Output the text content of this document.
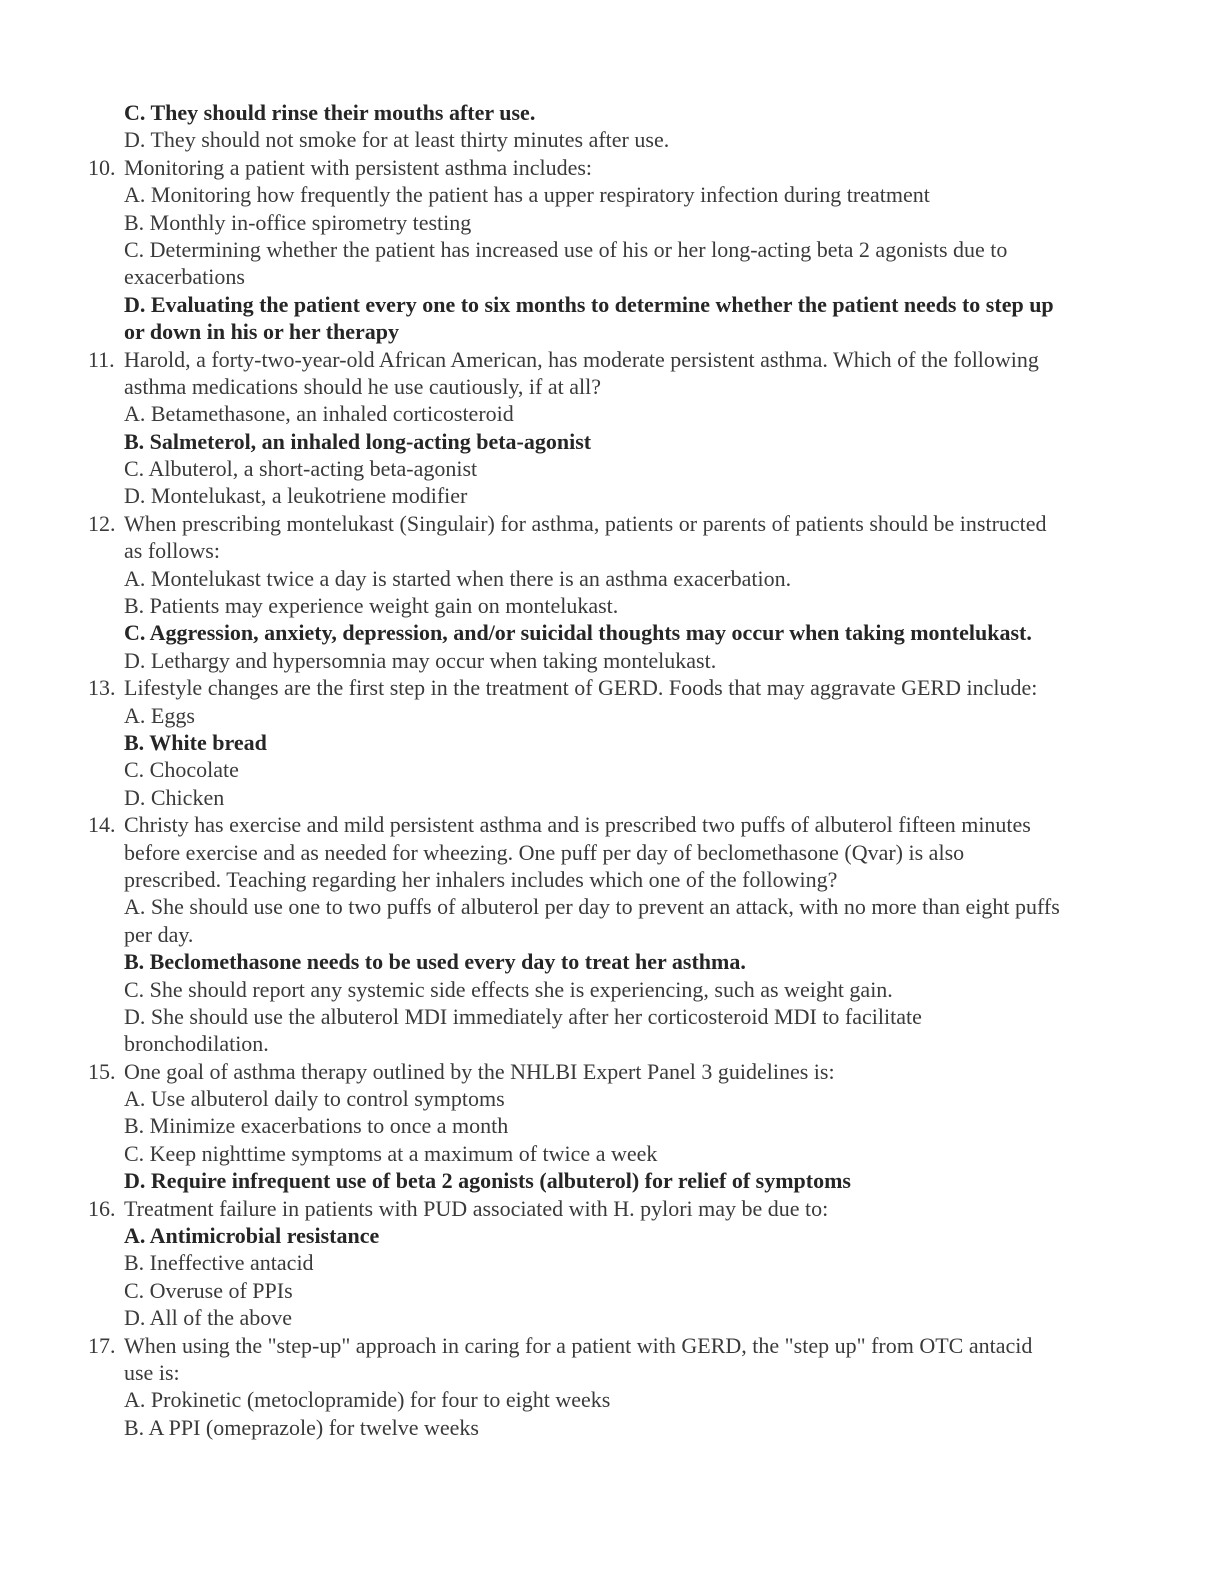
C. They should rinse their mouths after use.
D. They should not smoke for at least thirty minutes after use.
10. Monitoring a patient with persistent asthma includes:
A. Monitoring how frequently the patient has a upper respiratory infection during treatment
B. Monthly in-office spirometry testing
C. Determining whether the patient has increased use of his or her long-acting beta 2 agonists due to
exacerbations
D. Evaluating the patient every one to six months to determine whether the patient needs to step up
or down in his or her therapy
11. Harold, a forty-two-year-old African American, has moderate persistent asthma. Which of the following
asthma medications should he use cautiously, if at all?
A. Betamethasone, an inhaled corticosteroid
B. Salmeterol, an inhaled long-acting beta-agonist
C. Albuterol, a short-acting beta-agonist
D. Montelukast, a leukotriene modifier
12. When prescribing montelukast (Singulair) for asthma, patients or parents of patients should be instructed
as follows:
A. Montelukast twice a day is started when there is an asthma exacerbation.
B. Patients may experience weight gain on montelukast.
C. Aggression, anxiety, depression, and/or suicidal thoughts may occur when taking montelukast.
D. Lethargy and hypersomnia may occur when taking montelukast.
13. Lifestyle changes are the first step in the treatment of GERD. Foods that may aggravate GERD include:
A. Eggs
B. White bread
C. Chocolate
D. Chicken
14. Christy has exercise and mild persistent asthma and is prescribed two puffs of albuterol fifteen minutes
before exercise and as needed for wheezing. One puff per day of beclomethasone (Qvar) is also
prescribed. Teaching regarding her inhalers includes which one of the following?
A. She should use one to two puffs of albuterol per day to prevent an attack, with no more than eight puffs
per day.
B. Beclomethasone needs to be used every day to treat her asthma.
C. She should report any systemic side effects she is experiencing, such as weight gain.
D. She should use the albuterol MDI immediately after her corticosteroid MDI to facilitate
bronchodilation.
15. One goal of asthma therapy outlined by the NHLBI Expert Panel 3 guidelines is:
A. Use albuterol daily to control symptoms
B. Minimize exacerbations to once a month
C. Keep nighttime symptoms at a maximum of twice a week
D. Require infrequent use of beta 2 agonists (albuterol) for relief of symptoms
16. Treatment failure in patients with PUD associated with H. pylori may be due to:
A. Antimicrobial resistance
B. Ineffective antacid
C. Overuse of PPIs
D. All of the above
17. When using the "step-up" approach in caring for a patient with GERD, the "step up" from OTC antacid
use is:
A. Prokinetic (metoclopramide) for four to eight weeks
B. A PPI (omeprazole) for twelve weeks
